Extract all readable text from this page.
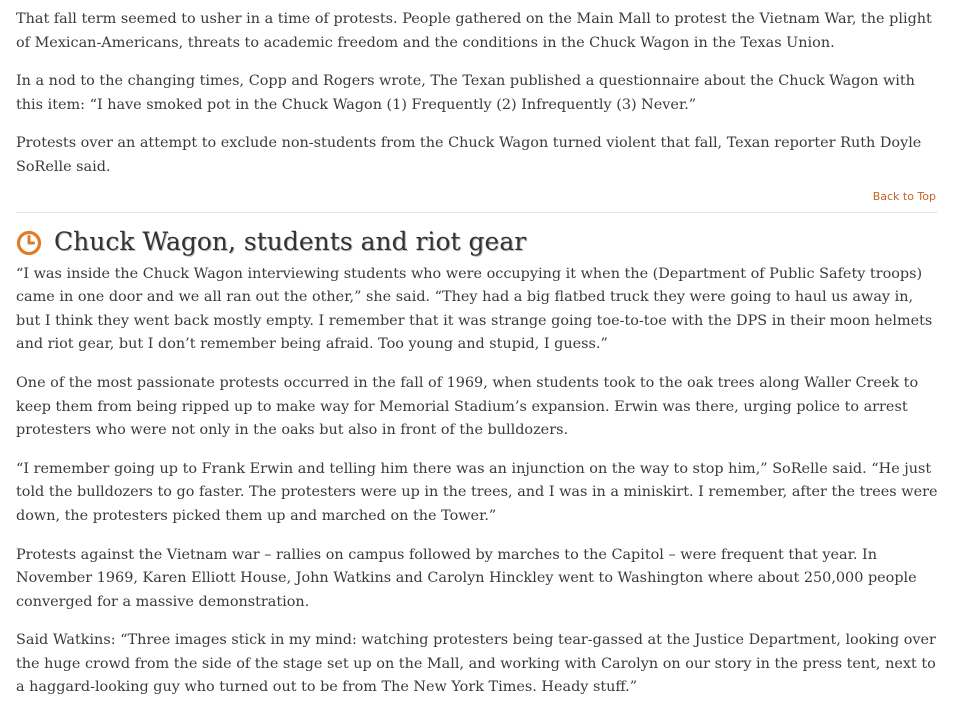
That fall term seemed to usher in a time of protests. People gathered on the Main Mall to protest the Vietnam War, the plight of Mexican-Americans, threats to academic freedom and the conditions in the Chuck Wagon in the Texas Union.

In a nod to the changing times, Copp and Rogers wrote, The Texan published a questionnaire about the Chuck Wagon with this item: “I have smoked pot in the Chuck Wagon (1) Frequently (2) Infrequently (3) Never.”

Protests over an attempt to exclude non-students from the Chuck Wagon turned violent that fall, Texan reporter Ruth Doyle SoRelle said.

Back to Top
Chuck Wagon, students and riot gear

“I was inside the Chuck Wagon interviewing students who were occupying it when the (Department of Public Safety troops) came in one door and we all ran out the other,” she said. “They had a big flatbed truck they were going to haul us away in, but I think they went back mostly empty. I remember that it was strange going toe-to-toe with the DPS in their moon helmets and riot gear, but I don’t remember being afraid. Too young and stupid, I guess.”

One of the most passionate protests occurred in the fall of 1969, when students took to the oak trees along Waller Creek to keep them from being ripped up to make way for Memorial Stadium’s expansion. Erwin was there, urging police to arrest protesters who were not only in the oaks but also in front of the bulldozers.

“I remember going up to Frank Erwin and telling him there was an injunction on the way to stop him,” SoRelle said. “He just told the bulldozers to go faster. The protesters were up in the trees, and I was in a miniskirt. I remember, after the trees were down, the protesters picked them up and marched on the Tower.”

Protests against the Vietnam war – rallies on campus followed by marches to the Capitol – were frequent that year. In November 1969, Karen Elliott House, John Watkins and Carolyn Hinckley went to Washington where about 250,000 people converged for a massive demonstration.

Said Watkins: “Three images stick in my mind: watching protesters being tear-gassed at the Justice Department, looking over the huge crowd from the side of the stage set up on the Mall, and working with Carolyn on our story in the press tent, next to a haggard-looking guy who turned out to be from The New York Times. Heady stuff.”
